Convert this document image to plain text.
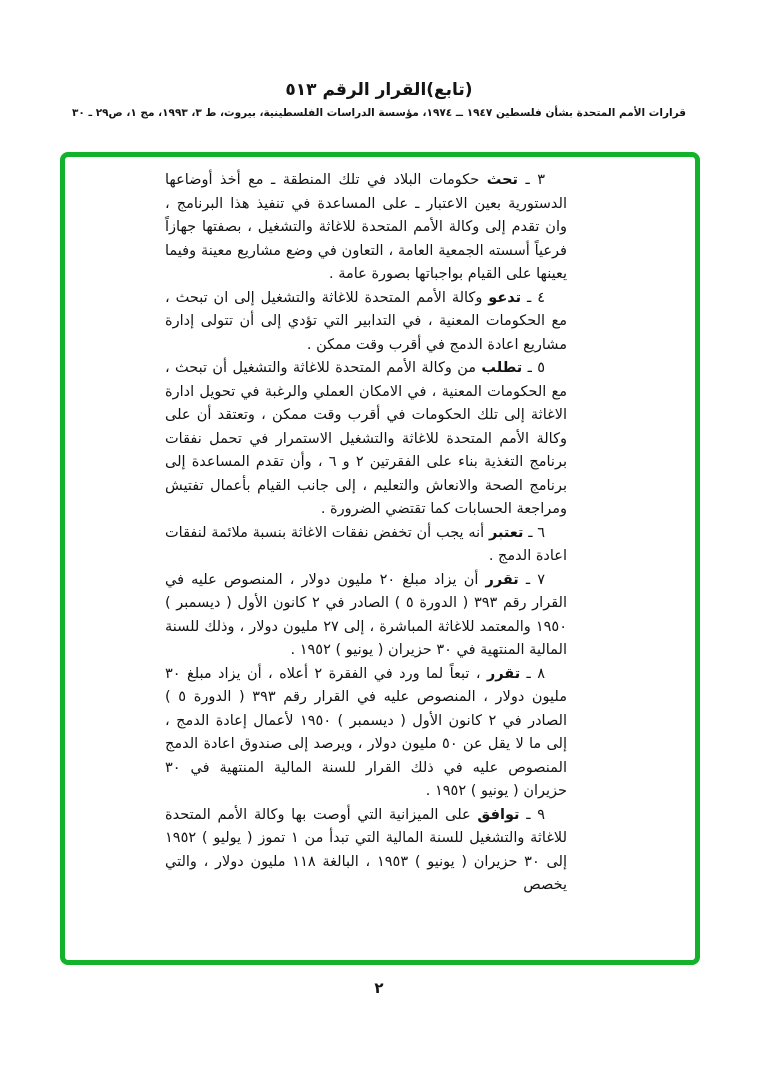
(تابع)القرار الرقم ٥١٣
قرارات الأمم المتحدة بشأن فلسطين ١٩٤٧ ــ ١٩٧٤، مؤسسة الدراسات الفلسطينية، بيروت، ط ٣، ١٩٩٣، مج ١، ص٢٩ ـ ٣٠

٣ ـ تحث حكومات البلاد في تلك المنطقة ـ مع أخذ أوضاعها الدستورية بعين الاعتبار ـ على المساعدة في تنفيذ هذا البرنامج ، وان تقدم إلى وكالة الأمم المتحدة للاغاثة والتشغيل ، بصفتها جهازاً فرعياً أسسته الجمعية العامة ، التعاون في وضع مشاريع معينة وفيما يعينها على القيام بواجباتها بصورة عامة .

٤ ـ تدعو وكالة الأمم المتحدة للاغاثة والتشغيل إلى ان تبحث ، مع الحكومات المعنية ، في التدابير التي تؤدي إلى أن تتولى إدارة مشاريع اعادة الدمج في أقرب وقت ممكن .

٥ ـ تطلب من وكالة الأمم المتحدة للاغاثة والتشغيل أن تبحث ، مع الحكومات المعنية ، في الامكان العملي والرغبة في تحويل ادارة الاغاثة إلى تلك الحكومات في أقرب وقت ممكن ، وتعتقد أن على وكالة الأمم المتحدة للاغاثة والتشغيل الاستمرار في تحمل نفقات برنامج التغذية بناء على الفقرتين ٢ و ٦ ، وأن تقدم المساعدة إلى برنامج الصحة والانعاش والتعليم ، إلى جانب القيام بأعمال تفتيش ومراجعة الحسابات كما تقتضي الضرورة .

٦ ـ تعتبر أنه يجب أن تخفض نفقات الاغاثة بنسبة ملائمة لنفقات اعادة الدمج .

٧ ـ تقرر أن يزاد مبلغ ٢٠ مليون دولار ، المنصوص عليه في القرار رقم ٣٩٣ ( الدورة ٥ ) الصادر في ٢ كانون الأول ( ديسمبر ) ١٩٥٠ والمعتمد للاغاثة المباشرة ، إلى ٢٧ مليون دولار ، وذلك للسنة المالية المنتهية في ٣٠ حزيران ( يونيو ) ١٩٥٢ .

٨ ـ تقرر ، تبعاً لما ورد في الفقرة ٢ أعلاه ، أن يزاد مبلغ ٣٠ مليون دولار ، المنصوص عليه في القرار رقم ٣٩٣ ( الدورة ٥ ) الصادر في ٢ كانون الأول ( ديسمبر ) ١٩٥٠ لأعمال إعادة الدمج ، إلى ما لا يقل عن ٥٠ مليون دولار ، ويرصد إلى صندوق اعادة الدمج المنصوص عليه في ذلك القرار للسنة المالية المنتهية في ٣٠ حزيران ( يونيو ) ١٩٥٢ .

٩ ـ توافق على الميزانية التي أوصت بها وكالة الأمم المتحدة للاغاثة والتشغيل للسنة المالية التي تبدأ من ١ تموز ( يوليو ) ١٩٥٢ إلى ٣٠ حزيران ( يونيو ) ١٩٥٣ ، البالغة ١١٨ مليون دولار ، والتي يخصص

٢
